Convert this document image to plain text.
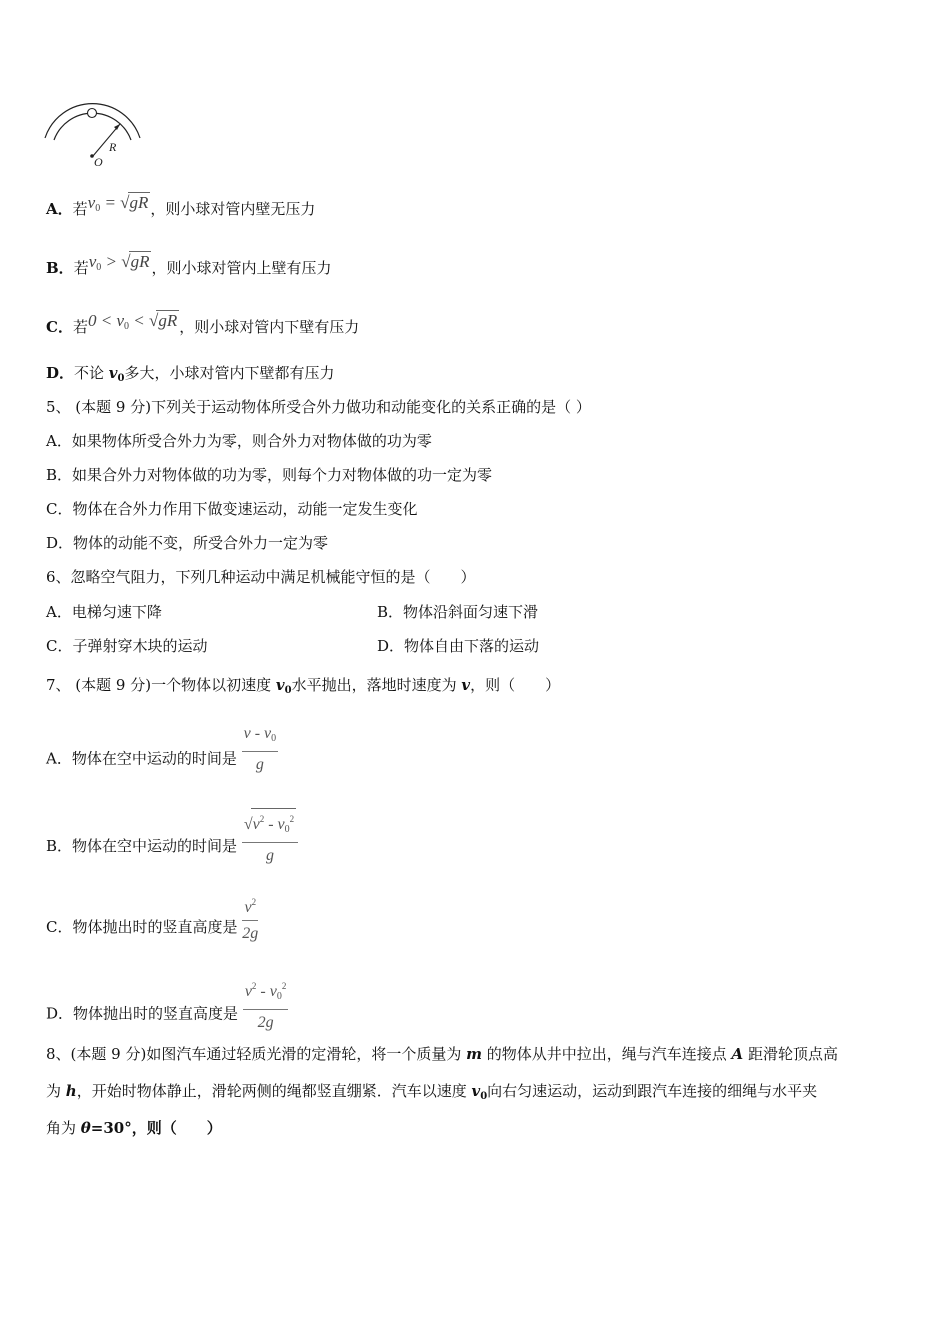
O
R
A．若$v_0 = √gR$ ，则小球对管内壁无压力
B．若$v_0 > √gR$ ，则小球对管内上壁有压力
C．若$0 < v_0 < √gR$ ，则小球对管内下壁有压力
D．不论 $v_0$多大，小球对管内下壁都有压力
5、 (本题 9 分)下列关于运动物体所受合外力做功和动能变化的关系正确的是（ ）
A．如果物体所受合外力为零，则合外力对物体做的功为零
B．如果合外力对物体做的功为零，则每个力对物体做的功一定为零
C．物体在合外力作用下做变速运动，动能一定发生变化
D．物体的动能不变，所受合外力一定为零
6、忽略空气阻力，下列几种运动中满足机械能守恒的是（　　）
A．电梯匀速下降	B．物体沿斜面匀速下滑
C．子弹射穿木块的运动	D．物体自由下落的运动
7、 (本题 9 分)一个物体以初速度 $v_0$水平抛出，落地时速度为 v，则（　　）
A．物体在空中运动的时间是 $\frac{v - v_0}{g}$
B．物体在空中运动的时间是 $\frac{√v^2 - v_0^2}{g}$
C．物体抛出时的竖直高度是 $\frac{v^2}{2g}$
D．物体抛出时的竖直高度是 $\frac{v^2 - v_0^2}{2g}$
8、(本题 9 分)如图汽车通过轻质光滑的定滑轮，将一个质量为 m 的物体从井中拉出，绳与汽车连接点 A 距滑轮顶点高
为 h，开始时物体静止，滑轮两侧的绳都竖直绷紧．汽车以速度 $v_0$向右匀速运动，运动到跟汽车连接的细绳与水平夹
角为 θ=30°，则（　　）
